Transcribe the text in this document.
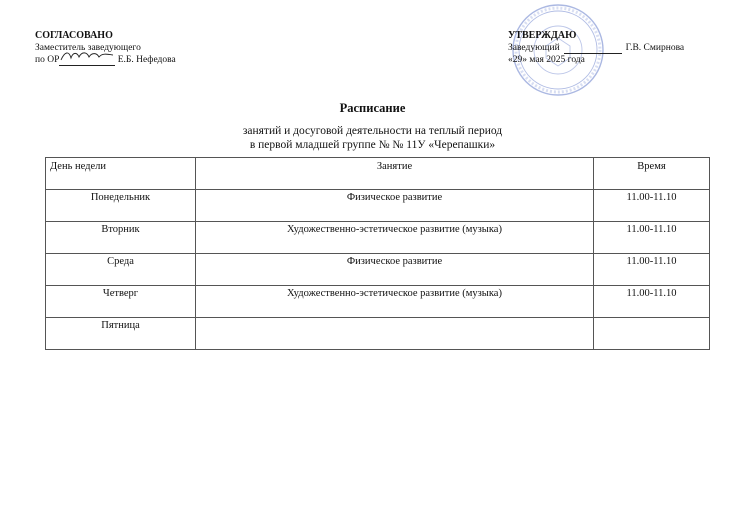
СОГЛАСОВАНО
Заместитель заведующего
по ОР	Е.Б. Нефедова
УТВЕРЖДАЮ
Заведующий	Г.В. Смирнова
«29» мая 2025 года
Расписание
занятий и досуговой деятельности на теплый период
в первой младшей группе № № 11У «Черепашки»
День недели	Занятие	Время
Понедельник	Физическое развитие	11.00-11.10
Вторник	Художественно-эстетическое развитие (музыка)	11.00-11.10
Среда	Физическое развитие	11.00-11.10
Четверг	Художественно-эстетическое развитие (музыка)	11.00-11.10
Пятница		
